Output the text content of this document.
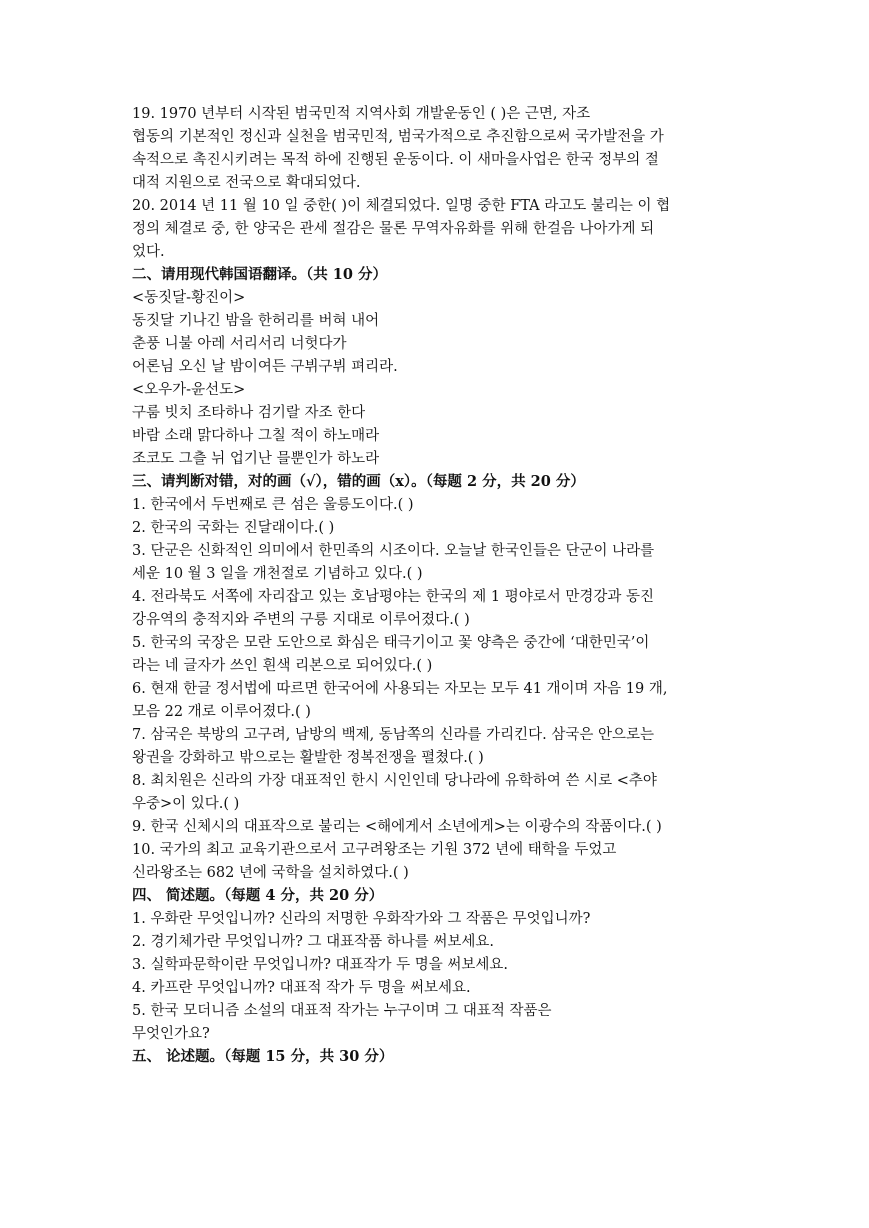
19. 1970 년부터 시작된 범국민적 지역사회 개발운동인 ( )은 근면, 자조
협동의 기본적인 정신과 실천을 범국민적, 범국가적으로 추진함으로써 국가발전을 가
속적으로 촉진시키려는 목적 하에 진행된 운동이다. 이 새마을사업은 한국 정부의 절
대적 지원으로 전국으로 확대되었다.
20. 2014 년 11 월 10 일 중한( )이 체결되었다. 일명 중한 FTA 라고도 불리는 이 협
정의 체결로 중, 한 양국은 관세 절감은 물론 무역자유화를 위해 한걸음 나아가게 되
었다.
二、请用现代韩国语翻译。（共 10 分）
<동짓달-황진이>
동짓달 기나긴 밤을 한허리를 버혀 내어
춘풍 니불 아레 서리서리 너헛다가
어론님 오신 날 밤이여든 구뷔구뷔 펴리라.
<오우가-윤선도>
구룸 빗치 조타하나 검기랄 자조 한다
바람 소래 맑다하나 그칠 적이 하노매라
조코도 그츨 뉘 업기난 믈뿐인가 하노라
三、请判断对错，对的画（√），错的画（x）。（每题 2 分，共 20 分）
1. 한국에서 두번째로 큰 섬은 울릉도이다.( )
2. 한국의 국화는 진달래이다.( )
3. 단군은 신화적인 의미에서 한민족의 시조이다. 오늘날 한국인들은 단군이 나라를
세운 10 월 3 일을 개천절로 기념하고 있다.( )
4. 전라북도 서쪽에 자리잡고 있는 호남평야는 한국의 제 1 평야로서 만경강과 동진
강유역의 충적지와 주변의 구릉 지대로 이루어졌다.( )
5. 한국의 국장은 모란 도안으로 화심은 태극기이고 꽃 양측은 중간에 ‘대한민국’이
라는 네 글자가 쓰인 흰색 리본으로 되어있다.( )
6. 현재 한글 정서법에 따르면 한국어에 사용되는 자모는 모두 41 개이며 자음 19 개,
모음 22 개로 이루어졌다.( )
7. 삼국은 북방의 고구려, 남방의 백제, 동남쪽의 신라를 가리킨다. 삼국은 안으로는
왕권을 강화하고 밖으로는 활발한 정복전쟁을 펼쳤다.( )
8. 최치원은 신라의 가장 대표적인 한시 시인인데 당나라에 유학하여 쓴 시로 <추야
우중>이 있다.( )
9. 한국 신체시의 대표작으로 불리는 <해에게서 소년에게>는 이광수의 작품이다.( )
10. 국가의 최고 교육기관으로서 고구려왕조는 기원 372 년에 태학을 두었고
신라왕조는 682 년에 국학을 설치하였다.( )
四、 简述题。（每题 4 分，共 20 分）
1. 우화란 무엇입니까? 신라의 저명한 우화작가와 그 작품은 무엇입니까?
2. 경기체가란 무엇입니까? 그 대표작품 하나를 써보세요.
3. 실학파문학이란 무엇입니까? 대표작가 두 명을 써보세요.
4. 카프란 무엇입니까? 대표적 작가 두 명을 써보세요.
5. 한국 모더니즘 소설의 대표적 작가는 누구이며 그 대표적 작품은
무엇인가요?
五、 论述题。（每题 15 分，共 30 分）
